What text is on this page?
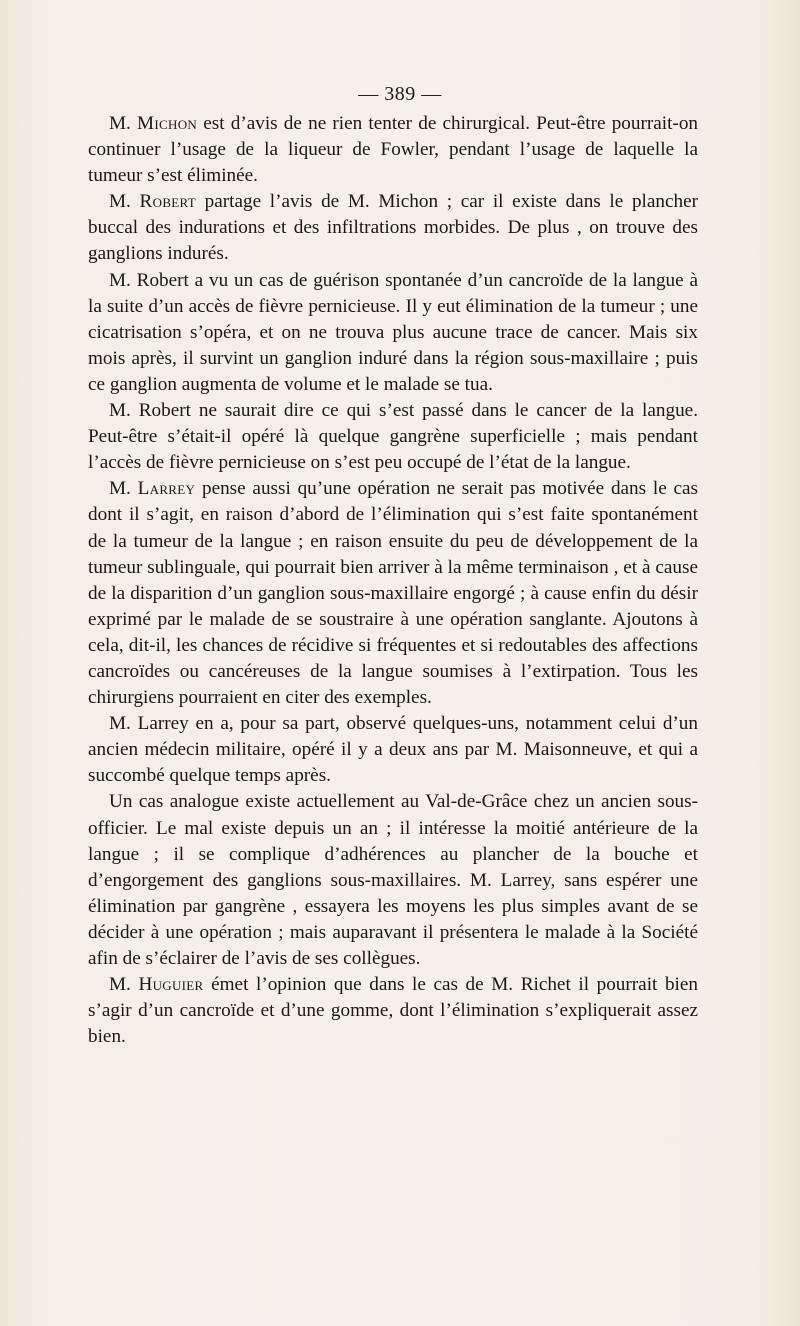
— 389 —

M. Michon est d’avis de ne rien tenter de chirurgical. Peut-être pourrait-on continuer l’usage de la liqueur de Fowler, pendant l’usage de laquelle la tumeur s’est éliminée.

M. Robert partage l’avis de M. Michon ; car il existe dans le plancher buccal des indurations et des infiltrations morbides. De plus , on trouve des ganglions indurés.

M. Robert a vu un cas de guérison spontanée d’un cancroïde de la langue à la suite d’un accès de fièvre pernicieuse. Il y eut élimination de la tumeur ; une cicatrisation s’opéra, et on ne trouva plus aucune trace de cancer. Mais six mois après, il survint un ganglion induré dans la région sous-maxillaire ; puis ce ganglion augmenta de volume et le malade se tua.

M. Robert ne saurait dire ce qui s’est passé dans le cancer de la langue. Peut-être s’était-il opéré là quelque gangrène superficielle ; mais pendant l’accès de fièvre pernicieuse on s’est peu occupé de l’état de la langue.

M. Larrey pense aussi qu’une opération ne serait pas motivée dans le cas dont il s’agit, en raison d’abord de l’élimination qui s’est faite spontanément de la tumeur de la langue ; en raison ensuite du peu de développement de la tumeur sublinguale, qui pourrait bien arriver à la même terminaison , et à cause de la disparition d’un ganglion sous-maxillaire engorgé ; à cause enfin du désir exprimé par le malade de se soustraire à une opération sanglante. Ajoutons à cela, dit-il, les chances de récidive si fréquentes et si redoutables des affections cancroïdes ou cancéreuses de la langue soumises à l’extirpation. Tous les chirurgiens pourraient en citer des exemples.

M. Larrey en a, pour sa part, observé quelques-uns, notamment celui d’un ancien médecin militaire, opéré il y a deux ans par M. Maisonneuve, et qui a succombé quelque temps après.

Un cas analogue existe actuellement au Val-de-Grâce chez un ancien sous-officier. Le mal existe depuis un an ; il intéresse la moitié antérieure de la langue ; il se complique d’adhérences au plancher de la bouche et d’engorgement des ganglions sous-maxillaires. M. Larrey, sans espérer une élimination par gangrène , essayera les moyens les plus simples avant de se décider à une opération ; mais auparavant il présentera le malade à la Société afin de s’éclairer de l’avis de ses collègues.

M. Huguier émet l’opinion que dans le cas de M. Richet il pourrait bien s’agir d’un cancroïde et d’une gomme, dont l’élimination s’expliquerait assez bien.
